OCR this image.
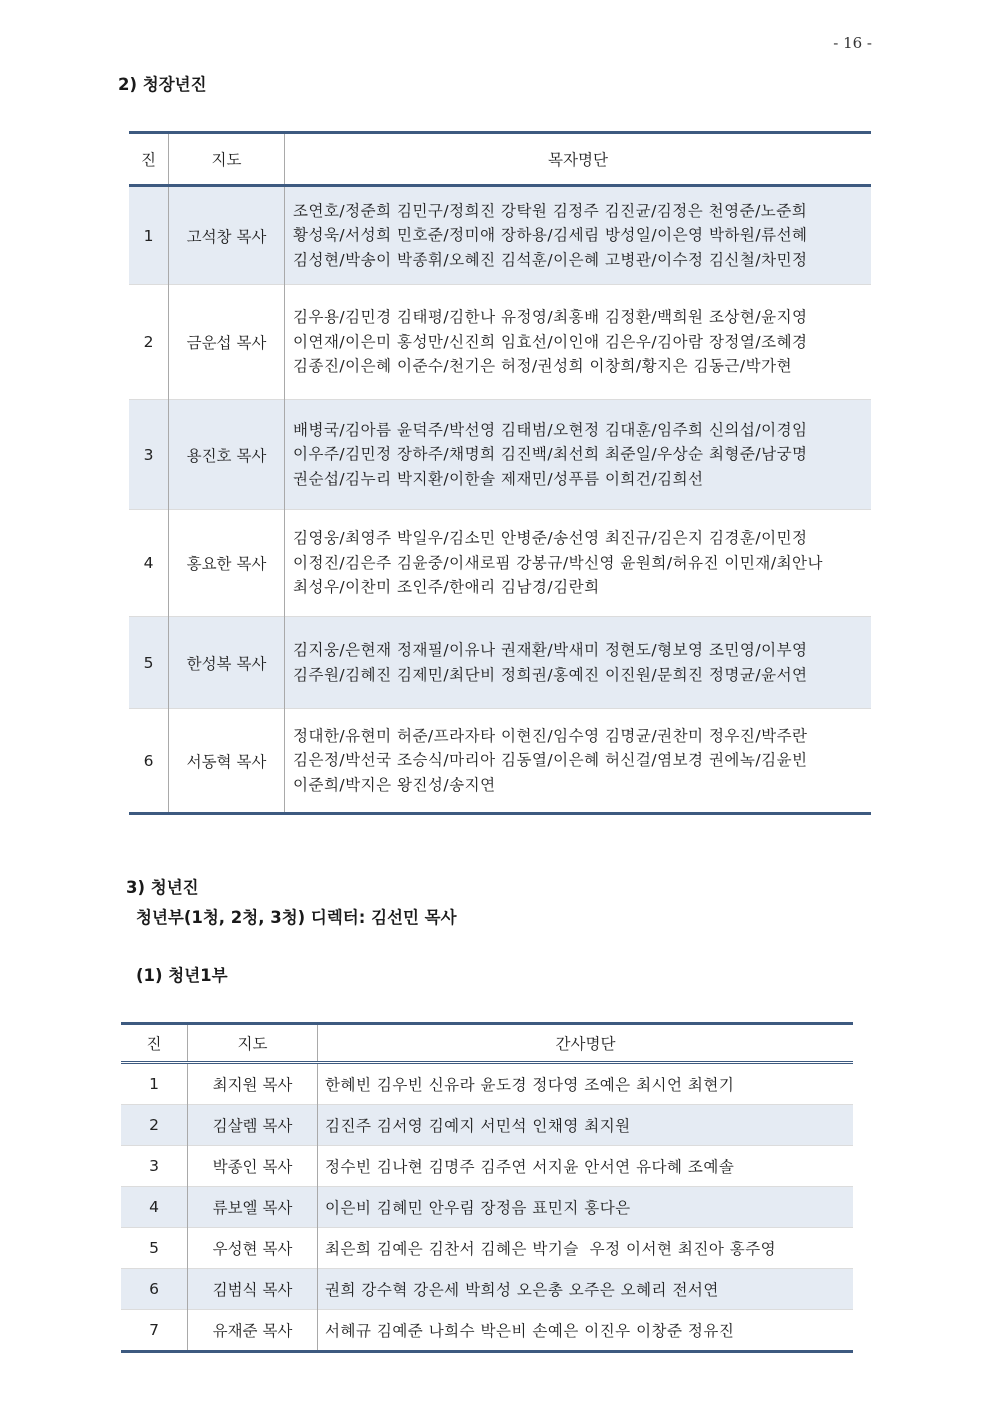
- 16 -
2) 청장년진
진	지도	목자명단
1	고석창 목사	조연호/정준희 김민구/정희진 강탁원 김정주 김진균/김정은 천영준/노준희
황성욱/서성희 민호준/정미애 장하용/김세림 방성일/이은영 박하원/류선혜
김성현/박송이 박종휘/오혜진 김석훈/이은혜 고병관/이수정 김신철/차민정

2	금운섭 목사	김우용/김민경 김태평/김한나 유정영/최홍배 김정환/백희원 조상현/윤지영
이연재/이은미 홍성만/신진희 임효선/이인애 김은우/김아람 장정열/조혜경
김종진/이은혜 이준수/천기은 허정/권성희 이창희/황지은 김동근/박가현

3	용진호 목사	배병국/김아름 윤덕주/박선영 김태범/오현정 김대훈/임주희 신의섭/이경임
이우주/김민정 장하주/채명희 김진백/최선희 최준일/우상순 최형준/남궁명
권순섭/김누리 박지환/이한솔 제재민/성푸름 이희건/김희선

4	홍요한 목사	김영웅/최영주 박일우/김소민 안병준/송선영 최진규/김은지 김경훈/이민정
이정진/김은주 김윤중/이새로핌 강봉규/박신영 윤원희/허유진 이민재/최안나
최성우/이찬미 조인주/한애리 김남경/김란희

5	한성복 목사	김지웅/은현재 정재필/이유나 권재환/박새미 정현도/형보영 조민영/이부영
김주원/김혜진 김제민/최단비 정희권/홍예진 이진원/문희진 정명균/윤서연

6	서동혁 목사	정대한/유현미 허준/프라자타 이현진/임수영 김명균/권찬미 정우진/박주란
김은정/박선국 조승식/마리아 김동열/이은혜 허신걸/염보경 권에녹/김윤빈
이준희/박지은 왕진성/송지연
3) 청년진
청년부(1청, 2청, 3청) 디렉터: 김선민 목사
(1) 청년1부
진	지도	간사명단
1	최지원 목사	한혜빈 김우빈 신유라 윤도경 정다영 조예은 최시언 최현기
2	김살렘 목사	김진주 김서영 김예지 서민석 인채영 최지원
3	박종인 목사	정수빈 김나현 김명주 김주연 서지윤 안서연 유다혜 조예솔
4	류보엘 목사	이은비 김혜민 안우림 장정음 표민지 홍다은
5	우성현 목사	최은희 김예은 김찬서 김혜은 박기슬  우정 이서현 최진아 홍주영
6	김범식 목사	권희 강수혁 강은세 박희성 오은총 오주은 오혜리 전서연
7	유재준 목사	서혜규 김예준 나희수 박은비 손예은 이진우 이창준 정유진
